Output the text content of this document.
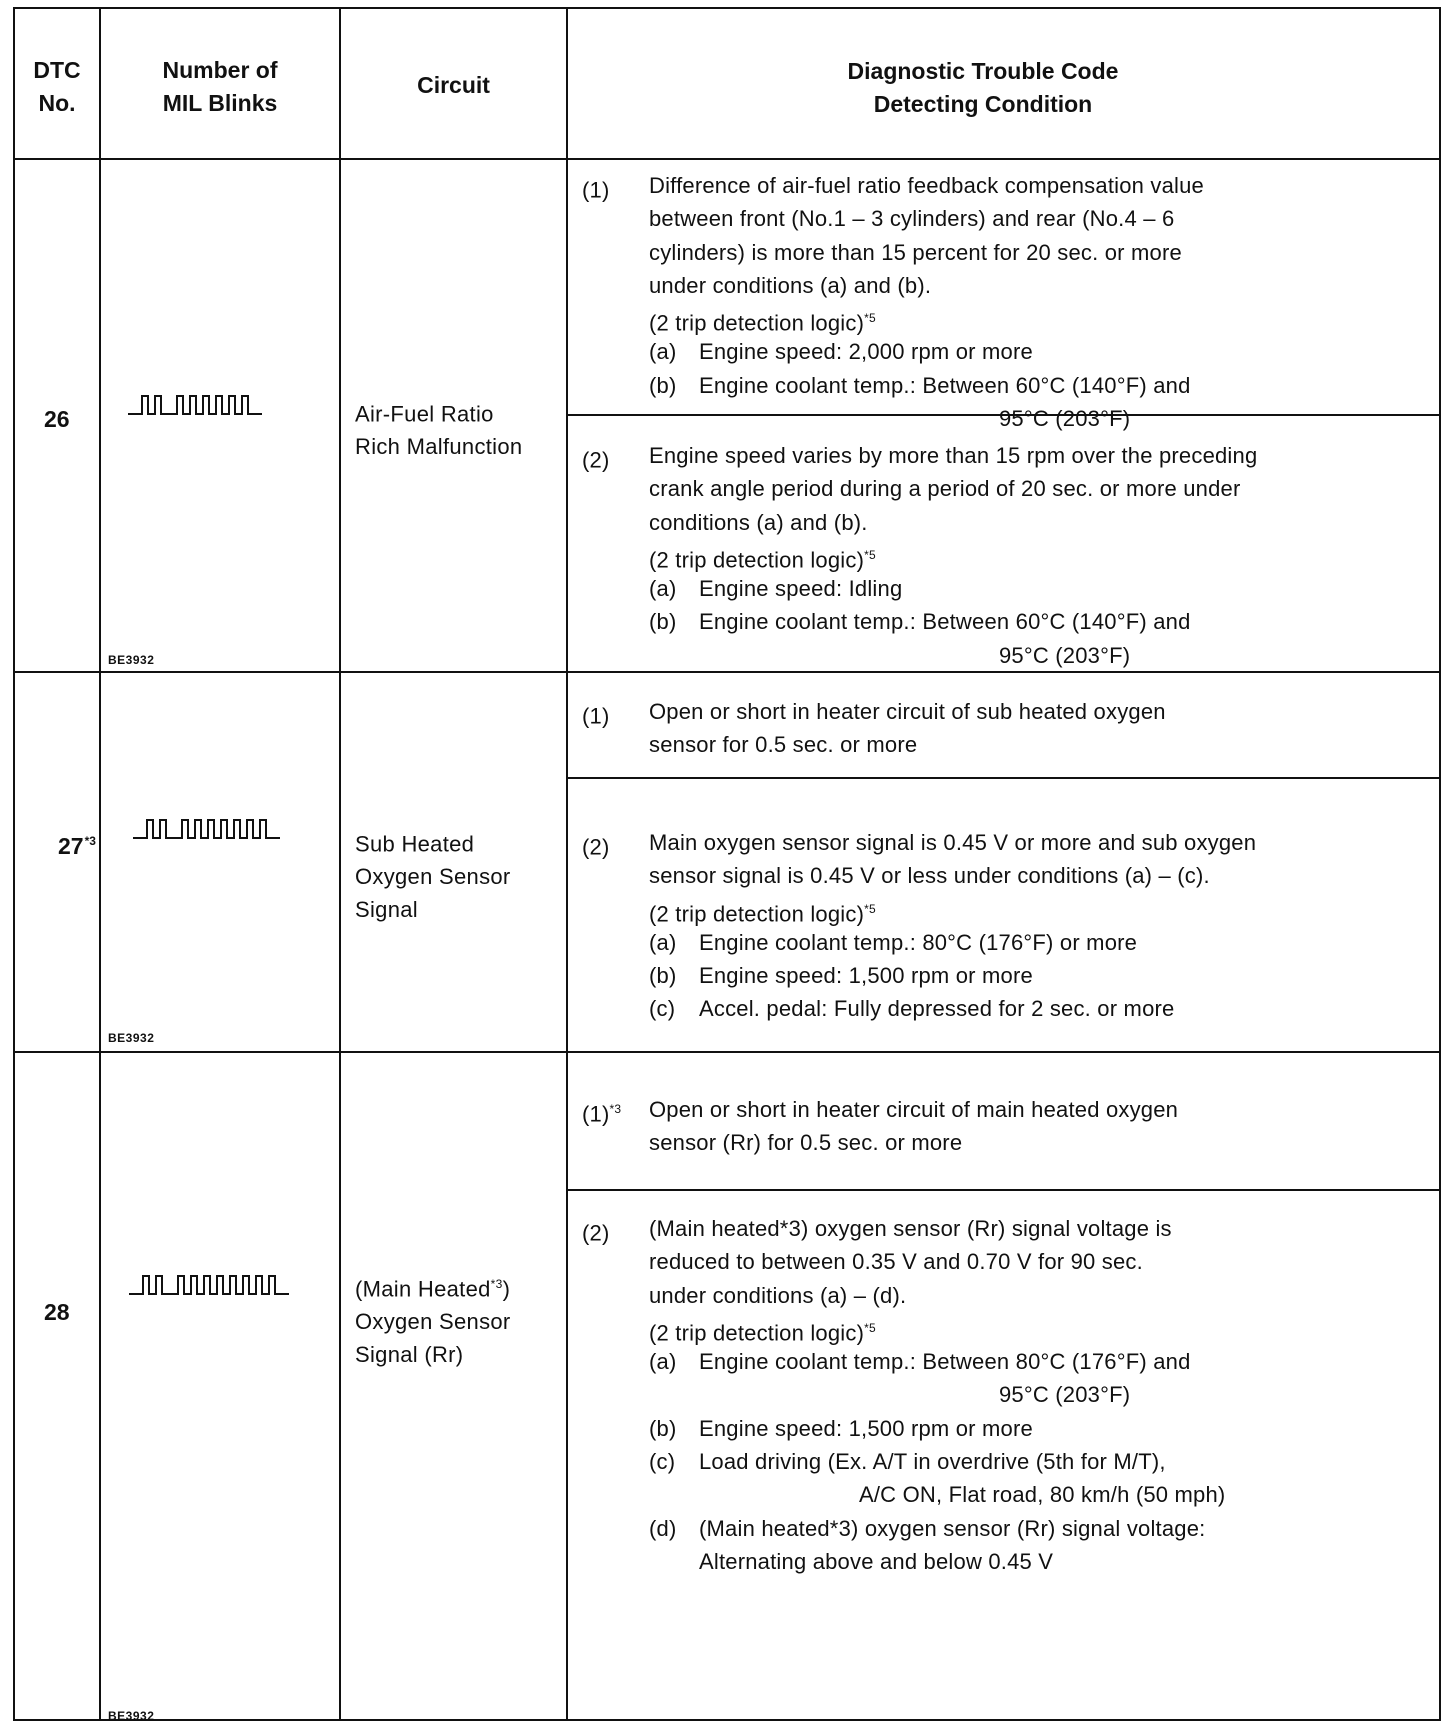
DTC
No.
Number of
MIL Blinks
Circuit
Diagnostic Trouble Code
Detecting Condition
26
BE3932
Air-Fuel Ratio
Rich Malfunction
(1) Difference of air-fuel ratio feedback compensation value
between front (No.1 – 3 cylinders) and rear (No.4 – 6
cylinders) is more than 15 percent for 20 sec. or more
under conditions (a) and (b).
(2 trip detection logic)$^{*5}$
(a) Engine speed: 2,000 rpm or more
(b) Engine coolant temp.: Between 60°C (140°F) and
95°C (203°F)
(2) Engine speed varies by more than 15 rpm over the preceding
crank angle period during a period of 20 sec. or more under
conditions (a) and (b).
(2 trip detection logic)$^{*5}$
(a) Engine speed: Idling
(b) Engine coolant temp.: Between 60°C (140°F) and
95°C (203°F)
27$^{*3}$
BE3932
Sub Heated
Oxygen Sensor
Signal
(1) Open or short in heater circuit of sub heated oxygen
sensor for 0.5 sec. or more
(2) Main oxygen sensor signal is 0.45 V or more and sub oxygen
sensor signal is 0.45 V or less under conditions (a) – (c).
(2 trip detection logic)$^{*5}$
(a) Engine coolant temp.: 80°C (176°F) or more
(b) Engine speed: 1,500 rpm or more
(c) Accel. pedal: Fully depressed for 2 sec. or more
28
BE3932
(Main Heated$^{*3}$)
Oxygen Sensor
Signal (Rr)
$(1)^{*3}$ Open or short in heater circuit of main heated oxygen
sensor (Rr) for 0.5 sec. or more
(2) (Main heated*3) oxygen sensor (Rr) signal voltage is
reduced to between 0.35 V and 0.70 V for 90 sec.
under conditions (a) – (d).
(2 trip detection logic)$^{*5}$
(a) Engine coolant temp.: Between 80°C (176°F) and
95°C (203°F)
(b) Engine speed: 1,500 rpm or more
(c) Load driving (Ex. A/T in overdrive (5th for M/T),
A/C ON, Flat road, 80 km/h (50 mph)
(d) (Main heated*3) oxygen sensor (Rr) signal voltage:
Alternating above and below 0.45 V
